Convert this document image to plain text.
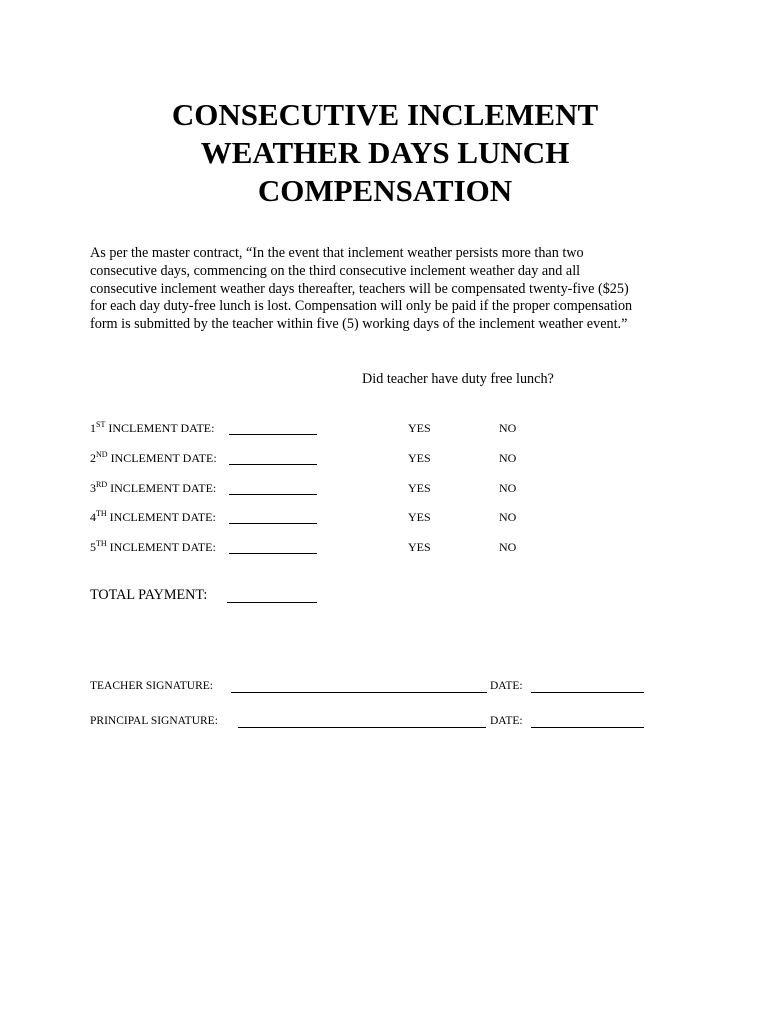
CONSECUTIVE INCLEMENT
WEATHER DAYS LUNCH
COMPENSATION
As per the master contract, “In the event that inclement weather persists more than two
consecutive days, commencing on the third consecutive inclement weather day and all
consecutive inclement weather days thereafter, teachers will be compensated twenty-five ($25)
for each day duty-free lunch is lost. Compensation will only be paid if the proper compensation
form is submitted by the teacher within five (5) working days of the inclement weather event.”
Did teacher have duty free lunch?
1ST INCLEMENT DATE:	YES	NO
2ND INCLEMENT DATE:	YES	NO
3RD INCLEMENT DATE:	YES	NO
4TH INCLEMENT DATE:	YES	NO
5TH INCLEMENT DATE:	YES	NO
TOTAL PAYMENT:
TEACHER SIGNATURE:	DATE:
PRINCIPAL SIGNATURE:	DATE:
